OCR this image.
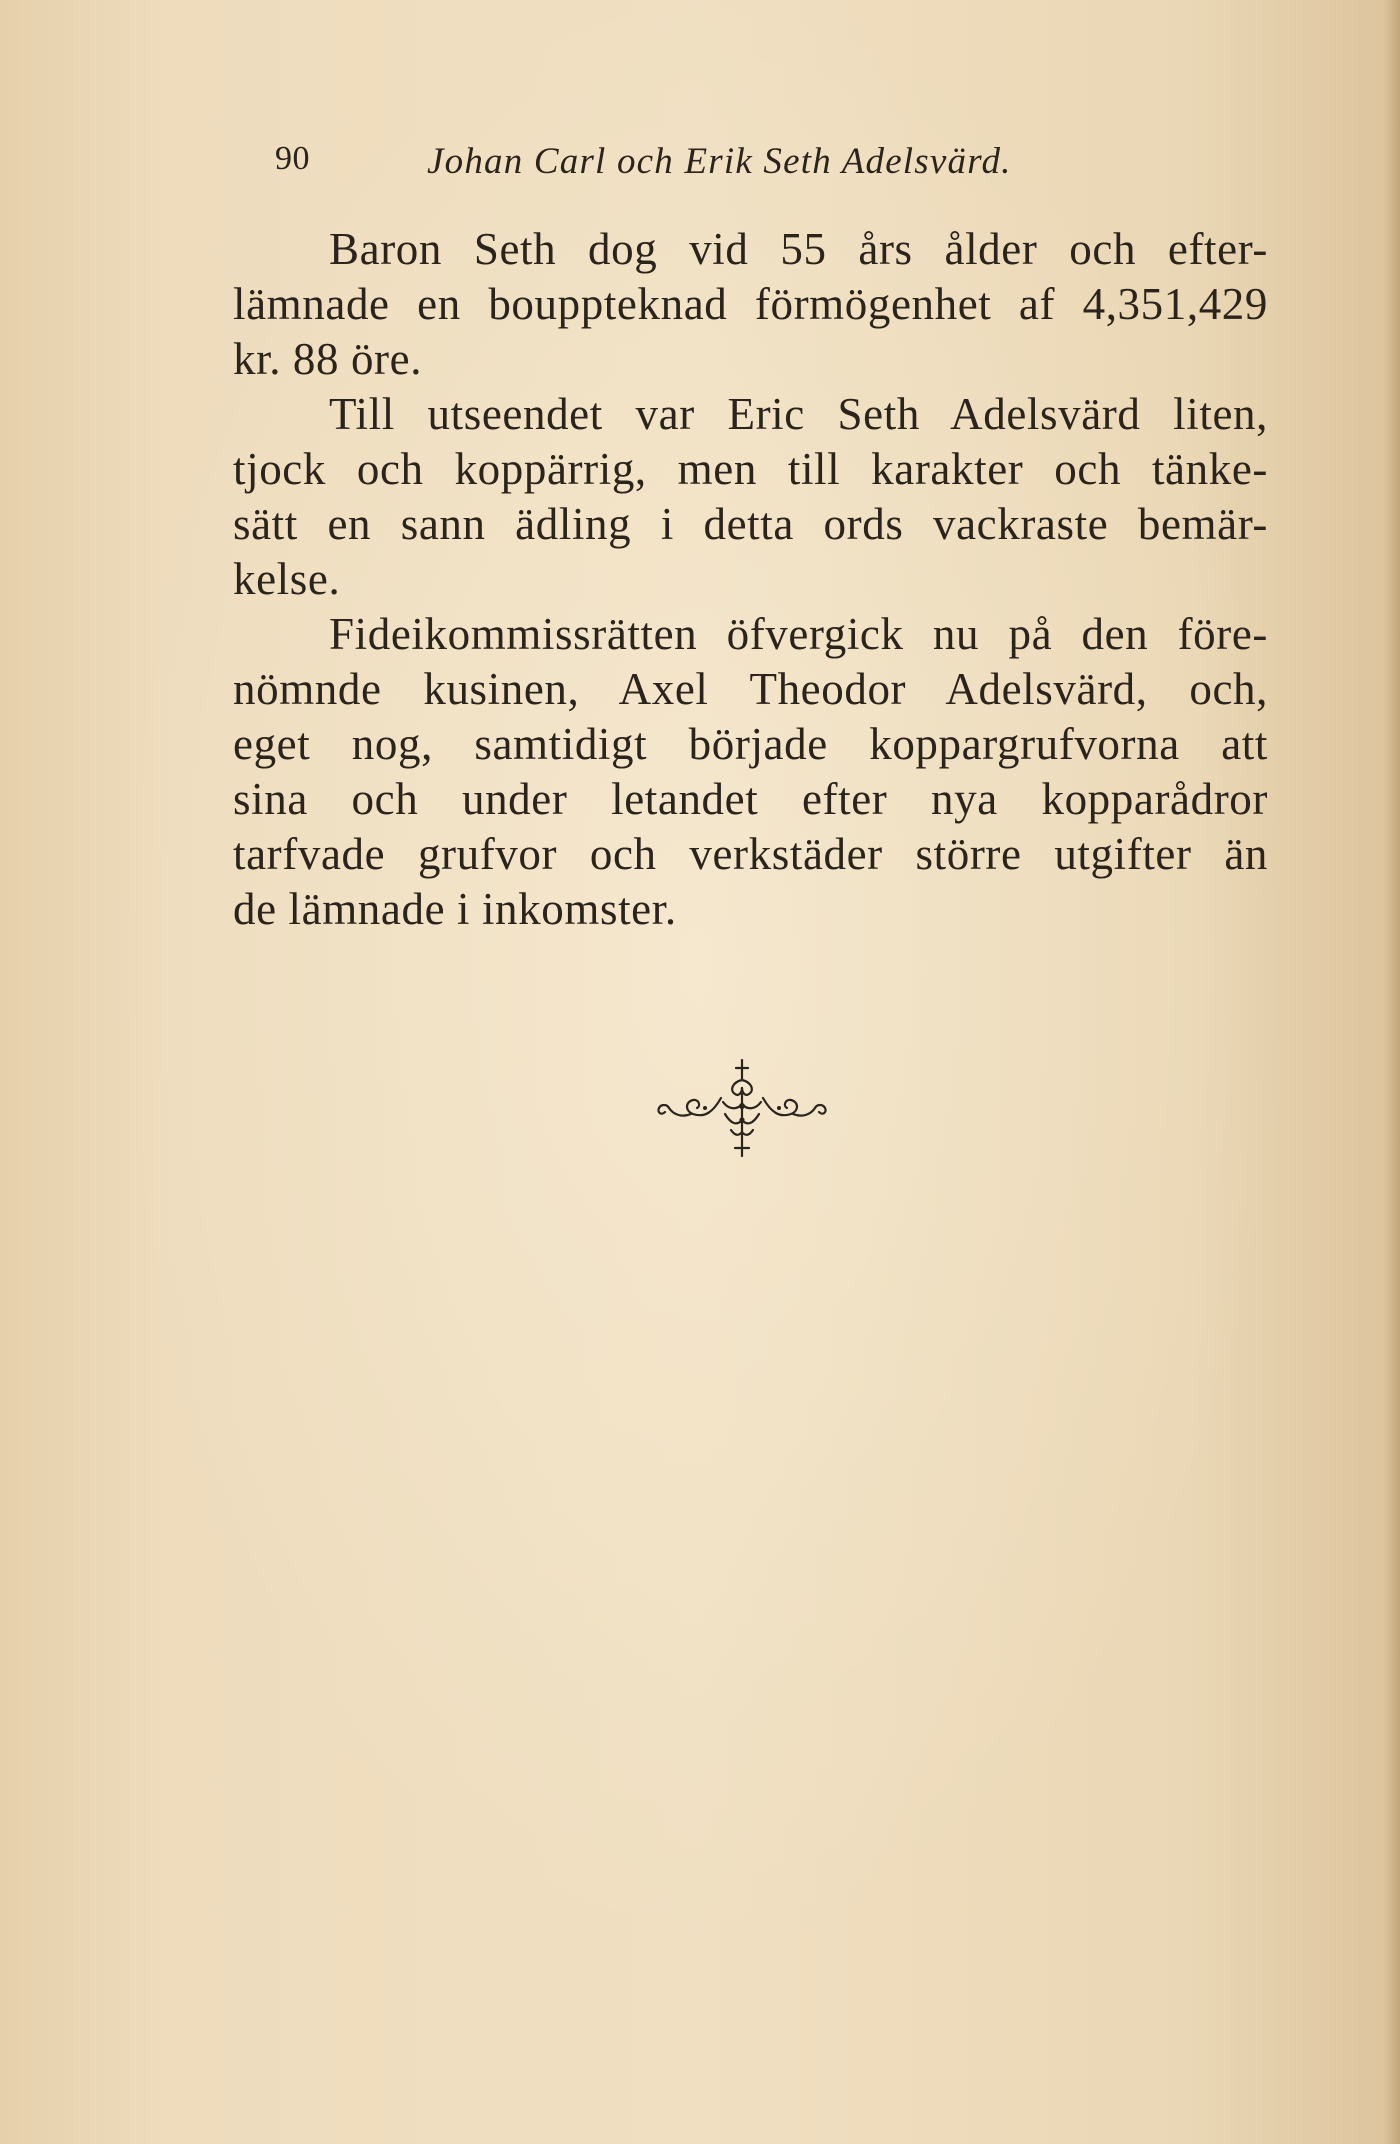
90	Johan Carl och Erik Seth Adelsvärd.
Baron Seth dog vid 55 års ålder och efter-
lämnade en bouppteknad förmögenhet af 4,351,429
kr. 88 öre.
Till utseendet var Eric Seth Adelsvärd liten,
tjock och koppärrig, men till karakter och tänke-
sätt en sann ädling i detta ords vackraste bemär-
kelse.
Fideikommissrätten öfvergick nu på den före-
nömnde kusinen, Axel Theodor Adelsvärd, och,
eget nog, samtidigt började koppargrufvorna att
sina och under letandet efter nya kopparådror
tarfvade grufvor och verkstäder större utgifter än
de lämnade i inkomster.
